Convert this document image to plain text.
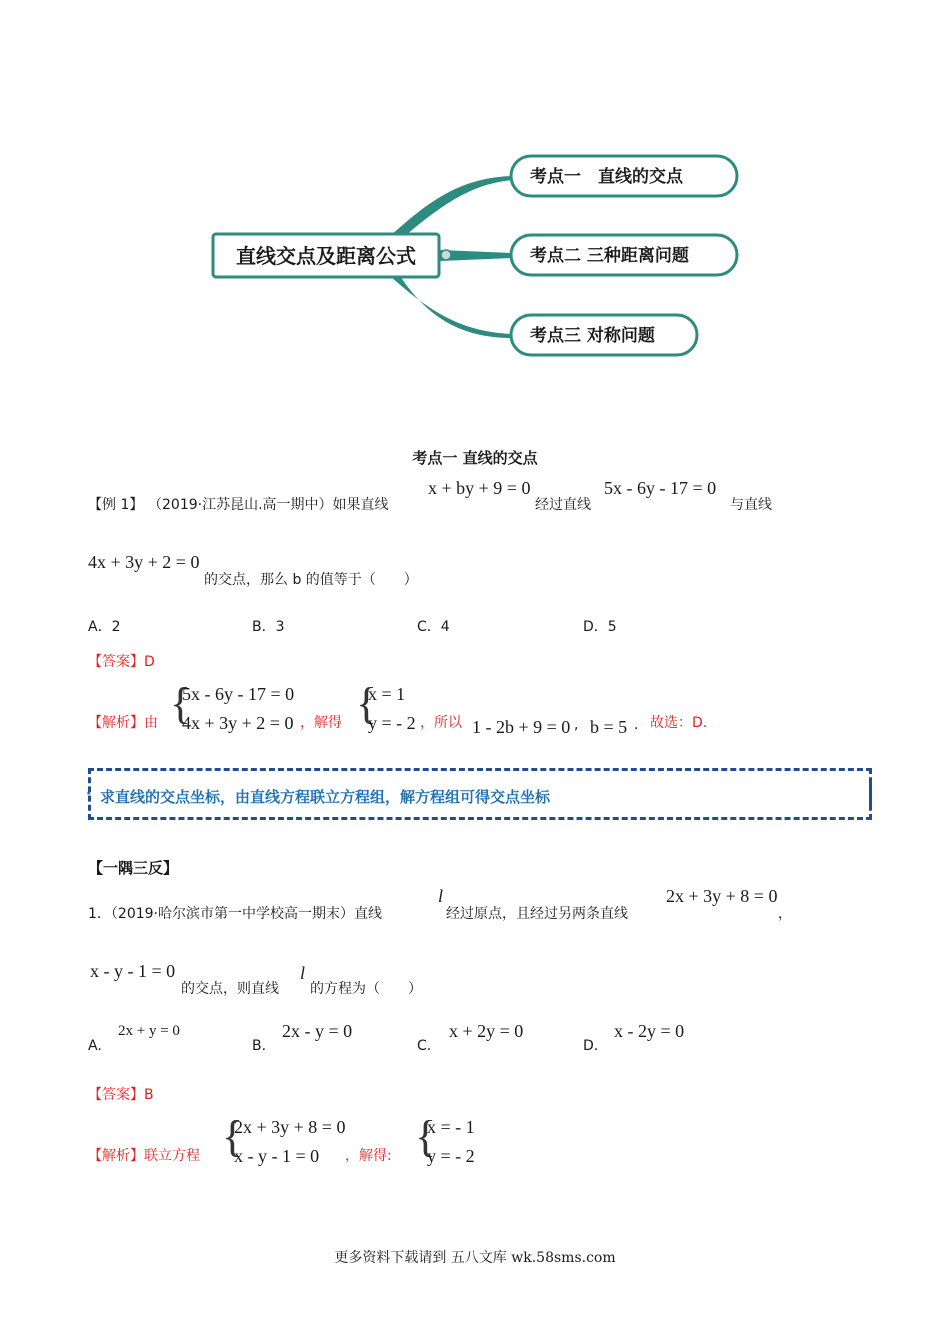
直线交点及距离公式
考点一　直线的交点
考点二 三种距离问题
考点三 对称问题
考点一 直线的交点
【例 1】 （2019·江苏昆山.高一期中）如果直线
x + by + 9 = 0
经过直线
5x - 6y - 17 = 0
与直线
4x + 3y + 2 = 0
的交点，那么 b 的值等于（　　）
A．2	B．3	C．4	D．5
【答案】D
【解析】由 {
5x - 6y - 17 = 0
4x + 3y + 2 = 0 ，解得 {
x = 1
y = - 2 ，所以 1 - 2b + 9 = 0 , b = 5 . 故选：D.
· 求直线的交点坐标，由直线方程联立方程组，解方程组可得交点坐标
【一隅三反】
1．（2019·哈尔滨市第一中学校高一期末）直线
l
经过原点，且经过另两条直线
2x + 3y + 8 = 0
，
x - y - 1 = 0
的交点，则直线
l
的方程为（　　）
A.
2x + y = 0
B.
2x - y = 0
C.
x + 2y = 0
D.
x - 2y = 0
【答案】B
【解析】联立方程 {
2x + 3y + 8 = 0
x - y - 1 = 0 ，解得: {
x = - 1
y = - 2
更多资料下载请到 五八文库 wk.58sms.com
